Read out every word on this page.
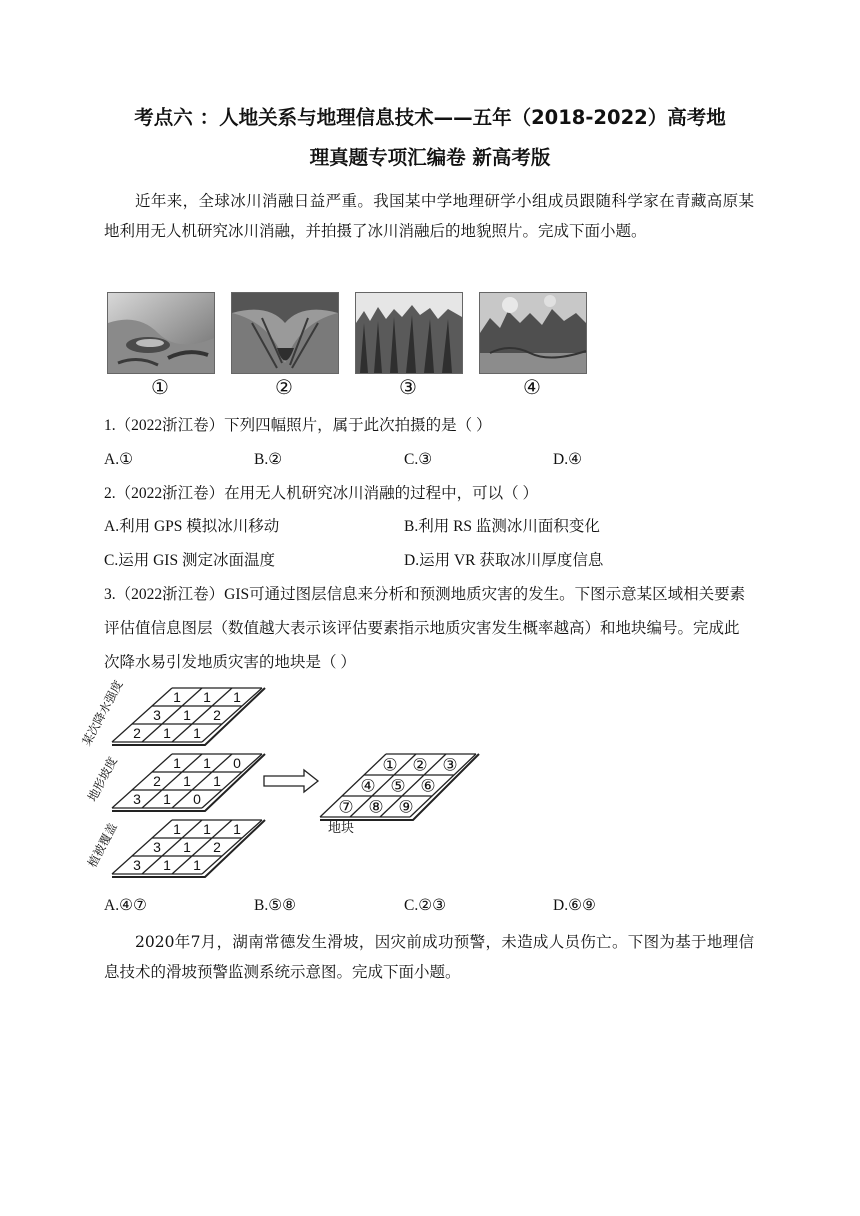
考点六 ：人地关系与地理信息技术——五年（2018-2022）高考地
理真题专项汇编卷 新高考版
近年来，全球冰川消融日益严重。我国某中学地理研学小组成员跟随科学家在青藏高原某地利用无人机研究冰川消融，并拍摄了冰川消融后的地貌照片。完成下面小题。
①	②	③	④
1.（2022浙江卷）下列四幅照片，属于此次拍摄的是（ ）
A.①	B.②	C.③	D.④
2.（2022浙江卷）在用无人机研究冰川消融的过程中，可以（ ）
A.利用 GPS 模拟冰川移动	B.利用 RS 监测冰川面积变化
C.运用 GIS 测定冰面温度	D.运用 VR 获取冰川厚度信息
3.（2022浙江卷）GIS可通过图层信息来分析和预测地质灾害的发生。下图示意某区域相关要素评估值信息图层（数值越大表示该评估要素指示地质灾害发生概率越高）和地块编号。完成此次降水易引发地质灾害的地块是（ ）
1 1 1
3 1 2
2 1 1
某次降水强度
1 1 0
2 1 1
3 1 0
地形坡度
1 1 1
3 1 2
3 1 1
植被覆盖
① ② ③
④ ⑤ ⑥
⑦ ⑧ ⑨
地块
A.④⑦	B.⑤⑧	C.②③	D.⑥⑨
2020年7月，湖南常德发生滑坡，因灾前成功预警，未造成人员伤亡。下图为基于地理信息技术的滑坡预警监测系统示意图。完成下面小题。
